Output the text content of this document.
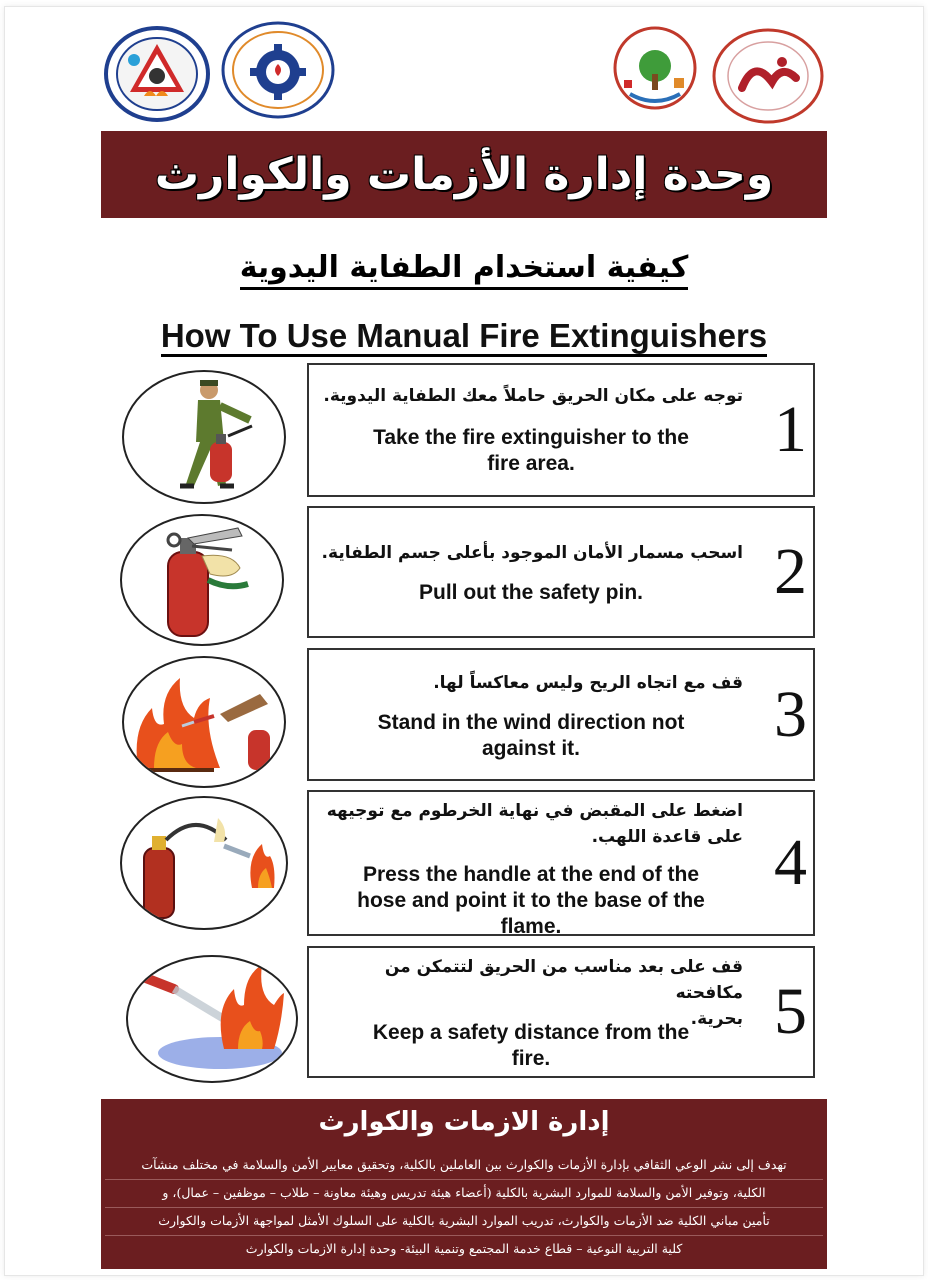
وحدة إدارة الأزمات والكوارث
كيفية استخدام الطفاية اليدوية
How To Use Manual Fire Extinguishers
توجه على مكان الحريق حاملاً معك الطفاية اليدوية.
Take the fire extinguisher to the
fire area.	1
اسحب مسمار الأمان الموجود بأعلى جسم الطفاية.
Pull out the safety pin.	2
قف مع اتجاه الريح وليس معاكساً لها.
Stand in the wind direction not
against it.	3
اضغط على المقبض في نهاية الخرطوم مع توجيهه
على قاعدة اللهب.
Press the handle at the end of the
hose and point it to the base of the
flame.
4
قف على بعد مناسب من الحريق لتتمكن من مكافحته
بحرية.
Keep a safety distance from the
fire.
5
إدارة الازمات والكوارث
تهدف إلى نشر الوعي الثقافي بإدارة الأزمات والكوارث بين العاملين بالكلية، وتحقيق معايير الأمن والسلامة في مختلف منشآت
الكلية، وتوفير الأمن والسلامة للموارد البشرية بالكلية (أعضاء هيئة تدريس وهيئة معاونة – طلاب – موظفين – عمال)، و
تأمين مباني الكلية ضد الأزمات والكوارث، تدريب الموارد البشرية بالكلية على السلوك الأمثل لمواجهة الأزمات والكوارث
كلية التربية النوعية – قطاع خدمة المجتمع وتنمية البيئة- وحدة إدارة الازمات والكوارث
